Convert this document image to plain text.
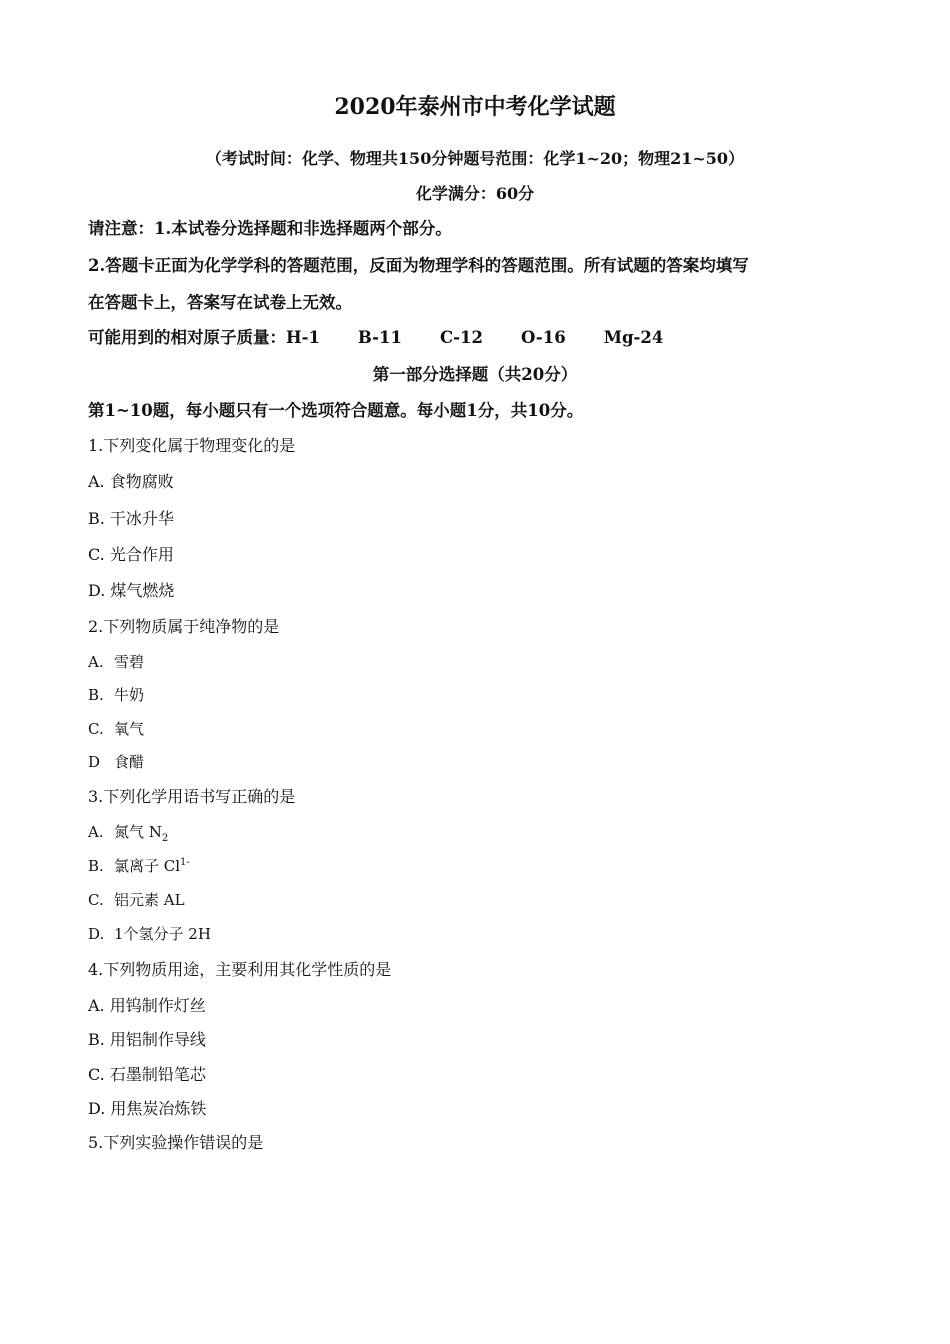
2020年泰州市中考化学试题
（考试时间：化学、物理共150分钟题号范围：化学1~20；物理21~50）
化学满分：60分
请注意：1.本试卷分选择题和非选择题两个部分。
2.答题卡正面为化学学科的答题范围，反面为物理学科的答题范围。所有试题的答案均填写
在答题卡上，答案写在试卷上无效。
可能用到的相对原子质量：H-1 B-11 C-12 O-16 Mg-24
第一部分选择题（共20分）
第1~10题，每小题只有一个选项符合题意。每小题1分，共10分。
1.下列变化属于物理变化的是
A. 食物腐败
B. 干冰升华
C. 光合作用
D. 煤气燃烧
2.下列物质属于纯净物的是
A. 雪碧
B. 牛奶
C. 氧气
D 食醋
3.下列化学用语书写正确的是
A. 氮气 $N_2$
B. 氯离子 $Cl^{1-}$
C. 铝元素 AL
D. 1个氢分子 2H
4.下列物质用途，主要利用其化学性质的是
A. 用钨制作灯丝
B. 用铝制作导线
C. 石墨制铅笔芯
D. 用焦炭冶炼铁
5.下列实验操作错误的是
